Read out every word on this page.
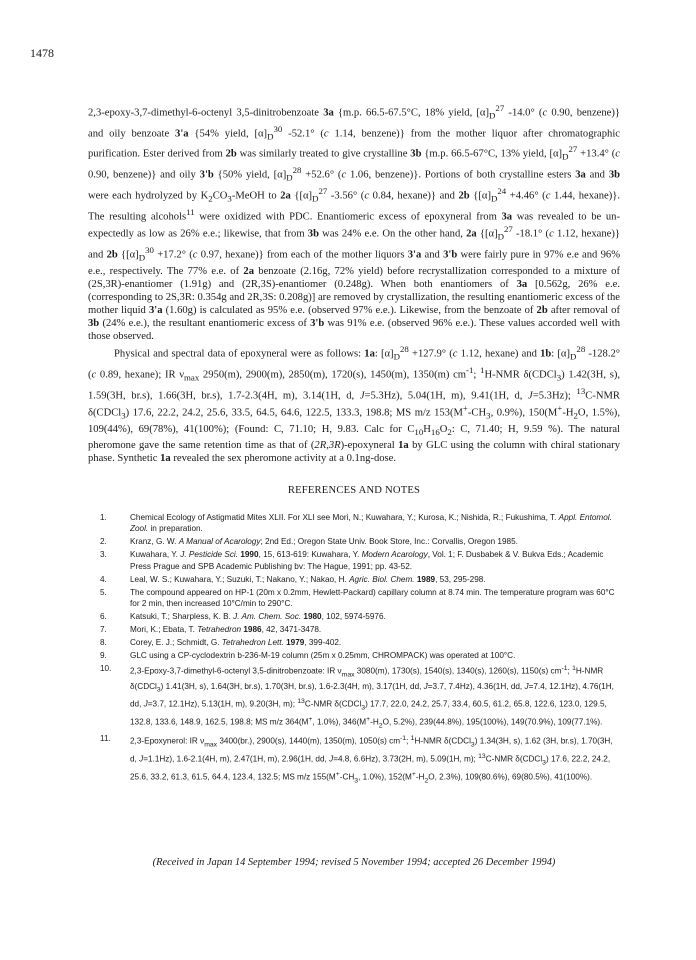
1478

2,3-epoxy-3,7-dimethyl-6-octenyl 3,5-dinitrobenzoate 3a {m.p. 66.5-67.5°C, 18% yield, $[\alpha]_D^{27}$ -14.0° (c 0.90, benzene)} and oily benzoate 3'a {54% yield, $[\alpha]_D^{30}$ -52.1° (c 1.14, benzene)} from the mother liquor after chromatographic purification. Ester derived from 2b was similarly treated to give crystalline 3b {m.p. 66.5-67°C, 13% yield, $[\alpha]_D^{27} +13.4^\circ$ (c 0.90, benzene)} and oily 3'b {50% yield, $[\alpha]_D^{28} +52.6^\circ$ (c 1.06, benzene)}. Portions of both crystalline esters 3a and 3b were each hydrolyzed by $K_2CO_3$-MeOH to 2a {$[\alpha]_D^{27}$ -3.56° (c 0.84, hexane)} and 2b {$[\alpha]_D^{24} +4.46^\circ$ (c 1.44, hexane)}. The resulting alcohols$^{11}$ were oxidized with PDC. Enantiomeric excess of epoxyneral from 3a was revealed to be un-expectedly as low as 26% e.e.; likewise, that from 3b was 24% e.e. On the other hand, 2a {$[\alpha]_D^{27}$ -18.1° (c 1.12, hexane)} and 2b {$[\alpha]_D^{30} +17.2^\circ$ (c 0.97, hexane)} from each of the mother liquors 3'a and 3'b were fairly pure in 97% e.e and 96% e.e., respectively. The 77% e.e. of 2a benzoate (2.16g, 72% yield) before recrystallization corresponded to a mixture of (2S,3R)-enantiomer (1.91g) and (2R,3S)-enantiomer (0.248g). When both enantiomers of 3a [0.562g, 26% e.e. (corresponding to 2S,3R: 0.354g and 2R,3S: 0.208g)] are removed by crystallization, the resulting enantiomeric excess of the mother liquid 3'a (1.60g) is calculated as 95% e.e. (observed 97% e.e.). Likewise, from the benzoate of 2b after removal of 3b (24% e.e.), the resultant enantiomeric excess of 3'b was 91% e.e. (observed 96% e.e.). These values accorded well with those observed.

Physical and spectral data of epoxyneral were as follows: 1a: $[\alpha]_D^{28} +127.9^\circ$ (c 1.12, hexane) and 1b: $[\alpha]_D^{28}$ -128.2° (c 0.89, hexane); IR $\nu_{max}$ 2950(m), 2900(m), 2850(m), 1720(s), 1450(m), 1350(m) $cm^{-1}$; $^1$H-NMR δ(CDCl$_3$) 1.42(3H, s), 1.59(3H, br.s), 1.66(3H, br.s), 1.7-2.3(4H, m), 3.14(1H, d, J=5.3Hz), 5.04(1H, m), 9.41(1H, d, J=5.3Hz); $^{13}$C-NMR δ(CDCl$_3$) 17.6, 22.2, 24.2, 25.6, 33.5, 64.5, 64.6, 122.5, 133.3, 198.8; MS m/z $153(M^+-CH_3$, 0.9%), $150(M^+-H_2O$, 1.5%), 109(44%), 69(78%), 41(100%); (Found: C, 71.10; H, 9.83. Calc for $C_{10}H_{16}O_2$: C, 71.40; H, 9.59 %). The natural pheromone gave the same retention time as that of (2R,3R)-epoxyneral 1a by GLC using the column with chiral stationary phase. Synthetic 1a revealed the sex pheromone activity at a 0.1ng-dose.

REFERENCES AND NOTES
1.	Chemical Ecology of Astigmatid Mites XLII. For XLI see Mori, N.; Kuwahara, Y.; Kurosa, K.; Nishida, R.; Fukushima, T. Appl. Entomol. Zool. in preparation.
2.	Kranz, G. W. A Manual of Acarology; 2nd Ed.; Oregon State Univ. Book Store, Inc.: Corvallis, Oregon 1985.
3.	Kuwahara, Y. J. Pesticide Sci. 1990, 15, 613-619: Kuwahara, Y. Modern Acarology, Vol. 1; F. Dusbabek & V. Bukva Eds.; Academic Press Prague and SPB Academic Publishing bv: The Hague, 1991; pp. 43-52.
4.	Leal, W. S.; Kuwahara, Y.; Suzuki, T.; Nakano, Y.; Nakao, H. Agric. Biol. Chem. 1989, 53, 295-298.
5.	The compound appeared on HP-1 (20m x 0.2mm, Hewlett-Packard) capillary column at 8.74 min. The temperature program was 60°C for 2 min, then increased 10°C/min to 290°C.
6.	Katsuki, T.; Sharpless, K. B. J. Am. Chem. Soc. 1980, 102, 5974-5976.
7.	Mori, K.; Ebata, T. Tetrahedron 1986, 42, 3471-3478.
8.	Corey, E. J.; Schmidt, G. Tetrahedron Lett. 1979, 399-402.
9.	GLC using a CP-cyclodextrin b-236-M-19 column (25m x 0.25mm, CHROMPACK) was operated at 100°C.
10.	2,3-Epoxy-3,7-dimethyl-6-octenyl 3,5-dinitrobenzoate: IR $\nu_{max}$ 3080(m), 1730(s), 1540(s), 1340(s), 1260(s), 1150(s) $cm^{-1}$; $^1$H-NMR δ(CDCl$_3$) 1.41(3H, s), 1.64(3H, br.s), 1.70(3H, br.s), 1.6-2.3(4H, m), 3.17(1H, dd, J=3.7, 7.4Hz), 4.36(1H, dd, J=7.4, 12.1Hz), 4.76(1H, dd, J=3.7, 12.1Hz), 5.13(1H, m), 9.20(3H, m); $^{13}$C-NMR δ(CDCl$_3$) 17.7, 22.0, 24.2, 25.7, 33.4, 60.5, 61.2, 65.8, 122.6, 123.0, 129.5, 132.8, 133.6, 148.9, 162.5, 198.8; MS m/z 364(M+, 1.0%), $346(M^+-H_2O$, 5.2%), 239(44.8%), 195(100%), 149(70.9%), 109(77.1%).
11.	2,3-Epoxynerol: IR $\nu_{max}$ 3400(br.), 2900(s), 1440(m), 1350(m), 1050(s) $cm^{-1}$; $^1$H-NMR δ(CDCl$_3$) 1.34(3H, s), 1.62 (3H, br.s), 1.70(3H, d, J=1.1Hz), 1.6-2.1(4H, m), 2.47(1H, m), 2.96(1H, dd, J=4.8, 6.6Hz), 3.73(2H, m), 5.09(1H, m); $^{13}$C-NMR δ(CDCl$_3$) 17.6, 22.2, 24.2, 25.6, 33.2, 61.3, 61.5, 64.4, 123.4, 132.5; MS m/z $155(M^+-CH_3$, 1.0%), $152(M^+-H_2O$, 2.3%), 109(80.6%), 69(80.5%), 41(100%).
(Received in Japan 14 September 1994; revised 5 November 1994; accepted 26 December 1994)
